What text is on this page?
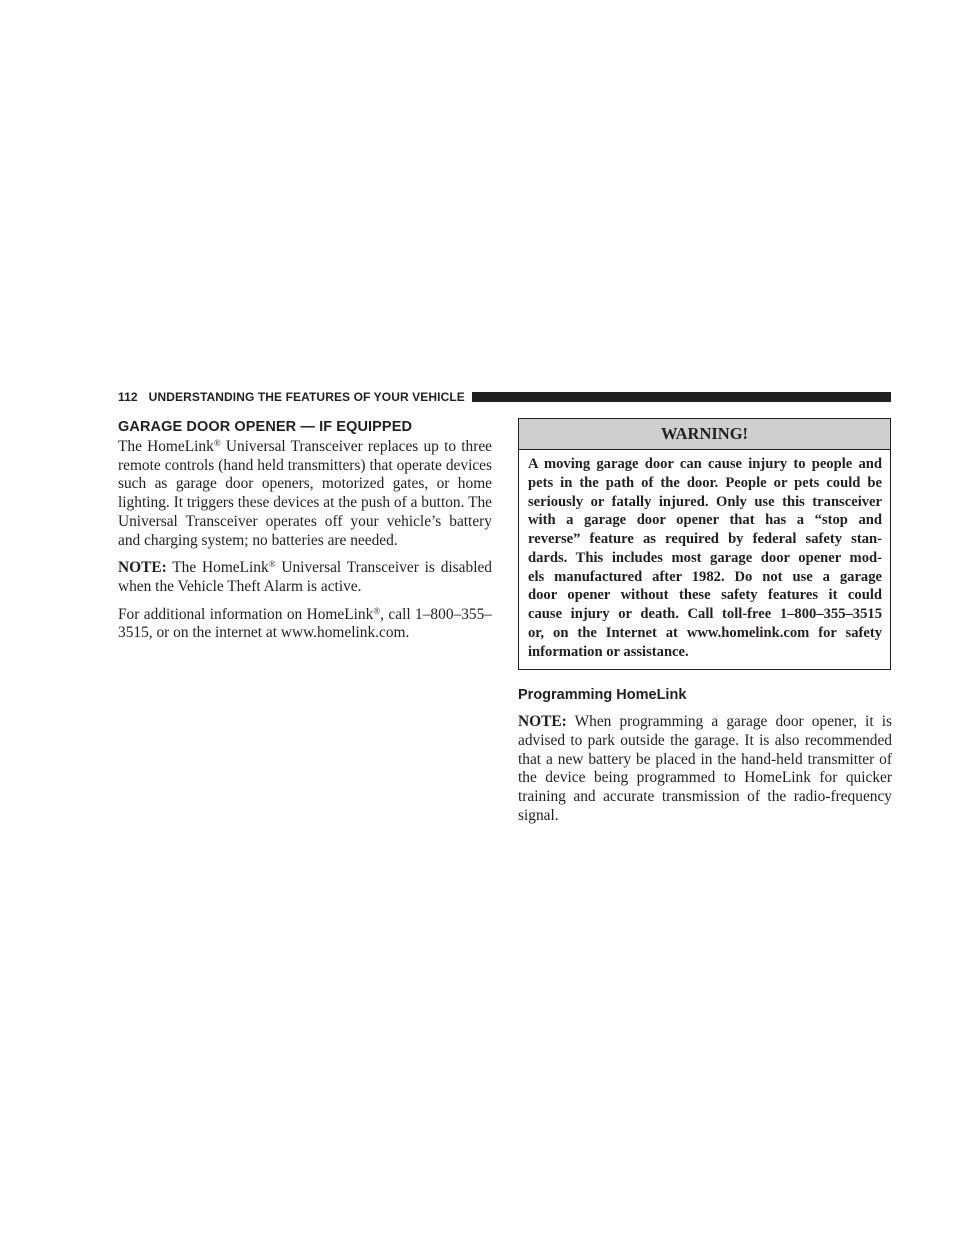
112 UNDERSTANDING THE FEATURES OF YOUR VEHICLE
GARAGE DOOR OPENER — IF EQUIPPED

The HomeLink® Universal Transceiver replaces up to three remote controls (hand held transmitters) that operate devices such as garage door openers, motorized gates, or home lighting. It triggers these devices at the push of a button. The Universal Transceiver operates off your vehicle’s battery and charging system; no batteries are needed.

NOTE: The HomeLink® Universal Transceiver is disabled when the Vehicle Theft Alarm is active.

For additional information on HomeLink®, call 1–800–355–3515, or on the internet at www.homelink.com.

WARNING!
A moving garage door can cause injury to people and
pets in the path of the door. People or pets could be
seriously or fatally injured. Only use this transceiver
with a garage door opener that has a “stop and
reverse” feature as required by federal safety stan-
dards. This includes most garage door opener mod-
els manufactured after 1982. Do not use a garage
door opener without these safety features it could
cause injury or death. Call toll-free 1–800–355–3515
or, on the Internet at www.homelink.com for safety
information or assistance.
Programming HomeLink

NOTE: When programming a garage door opener, it is advised to park outside the garage. It is also recommended that a new battery be placed in the hand-held transmitter of the device being programmed to HomeLink for quicker training and accurate transmission of the radio-frequency signal.
